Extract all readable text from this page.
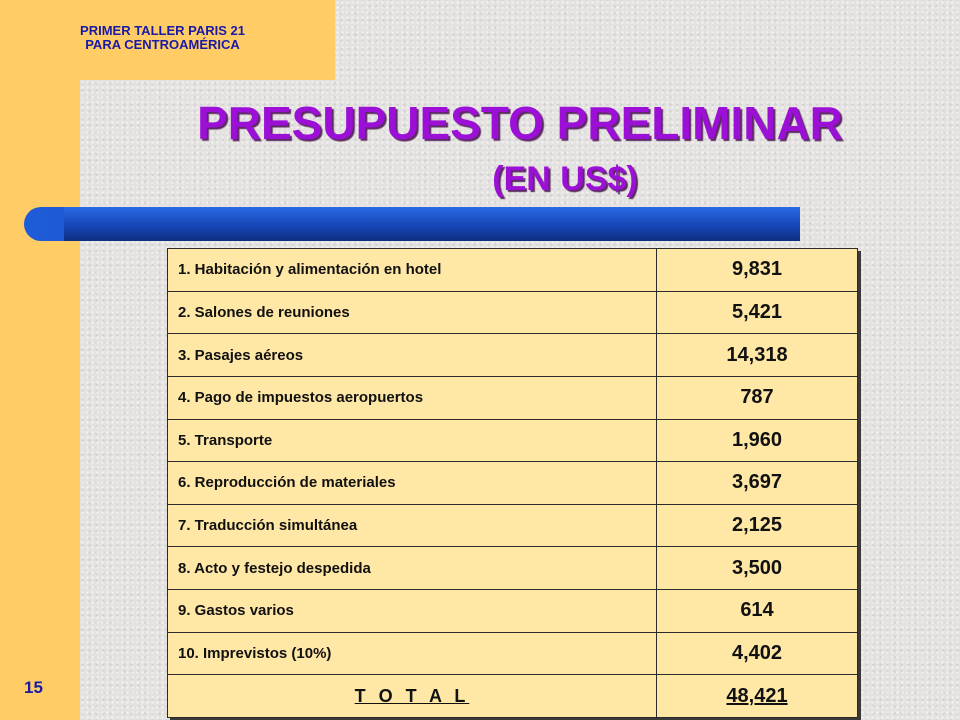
PRIMER TALLER PARIS 21
PARA CENTROAMÉRICA
PRESUPUESTO PRELIMINAR
(EN US$)
1. Habitación y alimentación en hotel	9,831
2. Salones de reuniones	5,421
3. Pasajes aéreos	14,318
4. Pago de impuestos aeropuertos	787
5. Transporte	1,960
6. Reproducción de materiales	3,697
7. Traducción simultánea	2,125
8. Acto y festejo despedida	3,500
9. Gastos varios	614
10. Imprevistos (10%)	4,402
T O T A L	48,421
15
